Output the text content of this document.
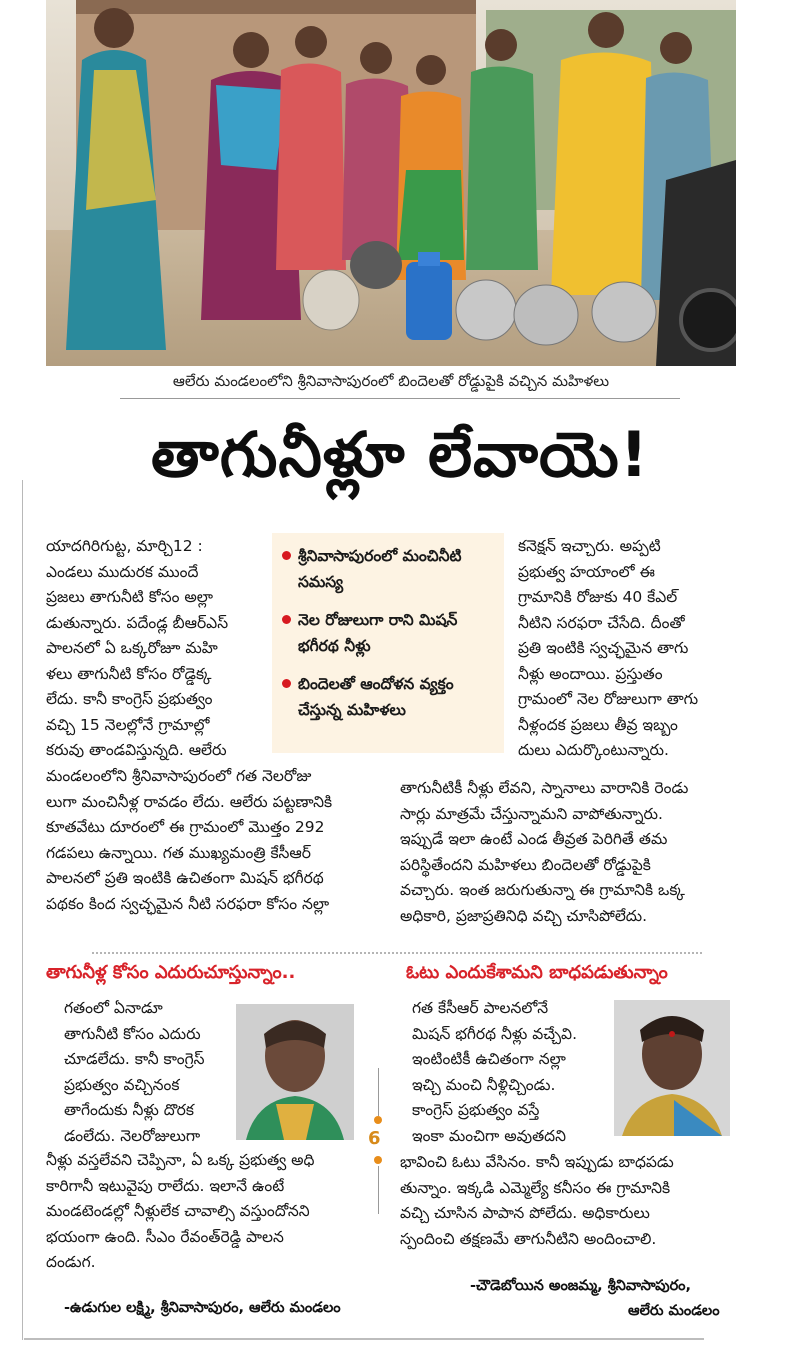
ఆలేరు మండలంలోని శ్రీనివాసాపురంలో బిందెలతో రోడ్డుపైకి వచ్చిన మహిళలు
తాగునీళ్లూ లేవాయె!

యాదగిరిగుట్ట, మార్చి12 :

ఎండలు ముదురక ముందే

ప్రజలు తాగునీటి కోసం అల్లా

డుతున్నారు. పదేండ్ల బీఆర్ఎస్

పాలనలో ఏ ఒక్కరోజూ మహి

ళలు తాగునీటి కోసం రోడ్డెక్క

లేదు. కానీ కాంగ్రెస్ ప్రభుత్వం

వచ్చి 15 నెలల్లోనే గ్రామాల్లో

కరువు తాండవిస్తున్నది. ఆలేరు

మండలంలోని శ్రీనివాసాపురంలో గత నెలరోజు

లుగా మంచినీళ్ల రావడం లేదు. ఆలేరు పట్టణానికి

కూతవేటు దూరంలో ఈ గ్రామంలో మొత్తం 292

గడపలు ఉన్నాయి. గత ముఖ్యమంత్రి కేసీఆర్

పాలనలో ప్రతి ఇంటికి ఉచితంగా మిషన్ భగీరథ

పథకం కింద స్వచ్ఛమైన నీటి సరఫరా కోసం నల్లా

శ్రీనివాసాపురంలో మంచినీటి సమస్య
నెల రోజులుగా రాని మిషన్ భగీరథ నీళ్లు
బిందెలతో ఆందోళన వ్యక్తం చేస్తున్న మహిళలు

కనెక్షన్ ఇచ్చారు. అప్పటి

ప్రభుత్వ హయాంలో ఈ

గ్రామానికి రోజుకు 40 కేఎల్

నీటిని సరఫరా చేసేది. దీంతో

ప్రతి ఇంటికి స్వచ్ఛమైన తాగు

నీళ్లు అందాయి. ప్రస్తుతం

గ్రామంలో నెల రోజులుగా తాగు

నీళ్లందక ప్రజలు తీవ్ర ఇబ్బం

దులు ఎదుర్కొంటున్నారు.

తాగునీటికీ నీళ్లు లేవని, స్నానాలు వారానికి రెండు

సార్లు మాత్రమే చేస్తున్నామని వాపోతున్నారు.

ఇప్పుడే ఇలా ఉంటే ఎండ తీవ్రత పెరిగితే తమ

పరిస్థితేందని మహిళలు బిందెలతో రోడ్డుపైకి

వచ్చారు. ఇంత జరుగుతున్నా ఈ గ్రామానికి ఒక్క

అధికారి, ప్రజాప్రతినిధి వచ్చి చూసిపోలేదు.

తాగునీళ్ల కోసం ఎదురుచూస్తున్నాం..

గతంలో ఏనాడూ

తాగునీటి కోసం ఎదురు

చూడలేదు. కానీ కాంగ్రెస్

ప్రభుత్వం వచ్చినంక

తాగేందుకు నీళ్లు దొరక

డంలేదు. నెలరోజులుగా

నీళ్లు వస్తలేవని చెప్పినా, ఏ ఒక్క ప్రభుత్వ అధి

కారిగానీ ఇటువైపు రాలేదు. ఇలానే ఉంటే

మండటెండల్లో నీళ్లులేక చావాల్సి వస్తుందోనని

భయంగా ఉంది. సీఎం రేవంత్‌రెడ్డి పాలన

దండుగ.

-ఉడుగుల లక్ష్మి, శ్రీనివాసాపురం, ఆలేరు మండలం
6
ఓటు ఎందుకేశామని బాధపడుతున్నాం

గత కేసీఆర్ పాలనలోనే

మిషన్ భగీరథ నీళ్లు వచ్చేవి.

ఇంటింటికీ ఉచితంగా నల్లా

ఇచ్చి మంచి నీళ్లిచ్చిండు.

కాంగ్రెస్ ప్రభుత్వం వస్తే

ఇంకా మంచిగా అవుతదని

భావించి ఓటు వేసినం. కానీ ఇప్పుడు బాధపడు

తున్నాం. ఇక్కడి ఎమ్మెల్యే కనీసం ఈ గ్రామానికి

వచ్చి చూసిన పాపాన పోలేదు. అధికారులు

స్పందించి తక్షణమే తాగునీటిని అందించాలి.

-చౌడెబోయిన అంజమ్మ, శ్రీనివాసాపురం,
ఆలేరు మండలం
